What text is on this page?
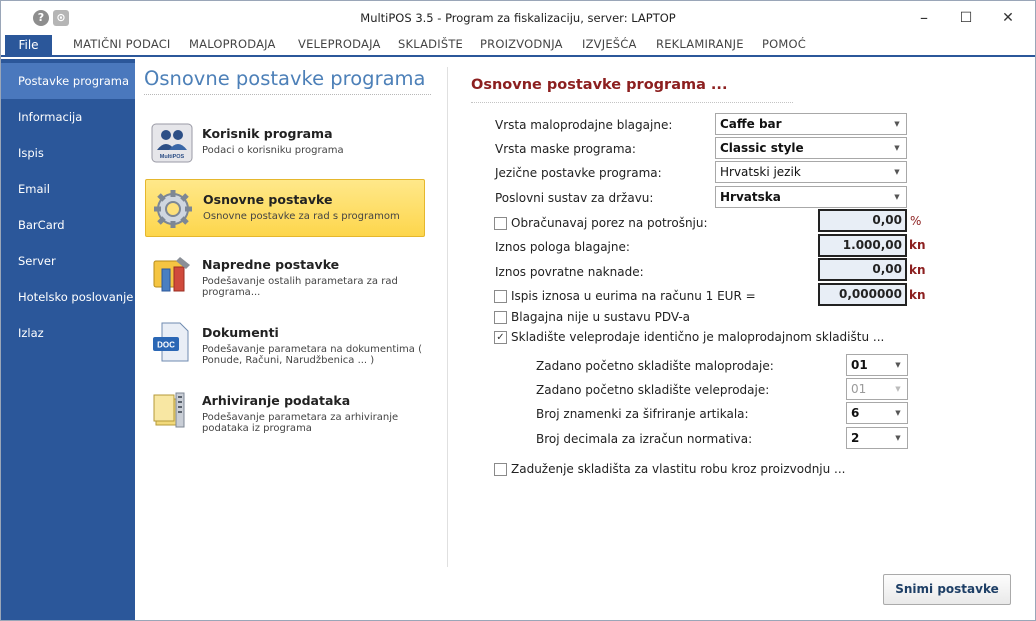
?	⊙	MultiPOS 3.5 - Program za fiskalizaciju, server: LAPTOP	–	☐	✕
File	MATIČNI PODACI MALOPRODAJA VELEPRODAJA SKLADIŠTE PROIZVODNJA IZVJEŠĆA REKLAMIRANJE POMOĆ
Postavke programa
Informacija
Ispis
Email
BarCard
Server
Hotelsko poslovanje
Izlaz
Osnovne postavke programa
MultiPOS
Korisnik programa
Podaci o korisniku programa
Osnovne postavke
Osnovne postavke za rad s programom
Napredne postavke
Podešavanje ostalih parametara za rad programa...
DOC
Dokumenti
Podešavanje parametara na dokumentima ( Ponude, Računi, Narudžbenica ... )
Arhiviranje podataka
Podešavanje parametara za arhiviranje podataka iz programa
Osnovne postavke programa ...
Vrsta maloprodajne blagajne:	Caffe bar	▼
Vrsta maske programa:	Classic style	▼
Jezične postavke programa:	Hrvatski jezik	▼
Poslovni sustav za državu:	Hrvatska	▼
Obračunavaj porez na potrošnju:	0,00 %
Iznos pologa blagajne:	1.000,00 kn
Iznos povratne naknade:	0,00 kn
Ispis iznosa u eurima na računu 1 EUR =	0,000000 kn
Blagajna nije u sustavu PDV-a
✓ Skladište veleprodaje identično je maloprodajnom skladištu ...
Zadano početno skladište maloprodaje:	01	▼
Zadano početno skladište veleprodaje:	01	▼
Broj znamenki za šifriranje artikala:	6	▼
Broj decimala za izračun normativa:	2	▼
Zaduženje skladišta za vlastitu robu kroz proizvodnju ...
Snimi postavke
